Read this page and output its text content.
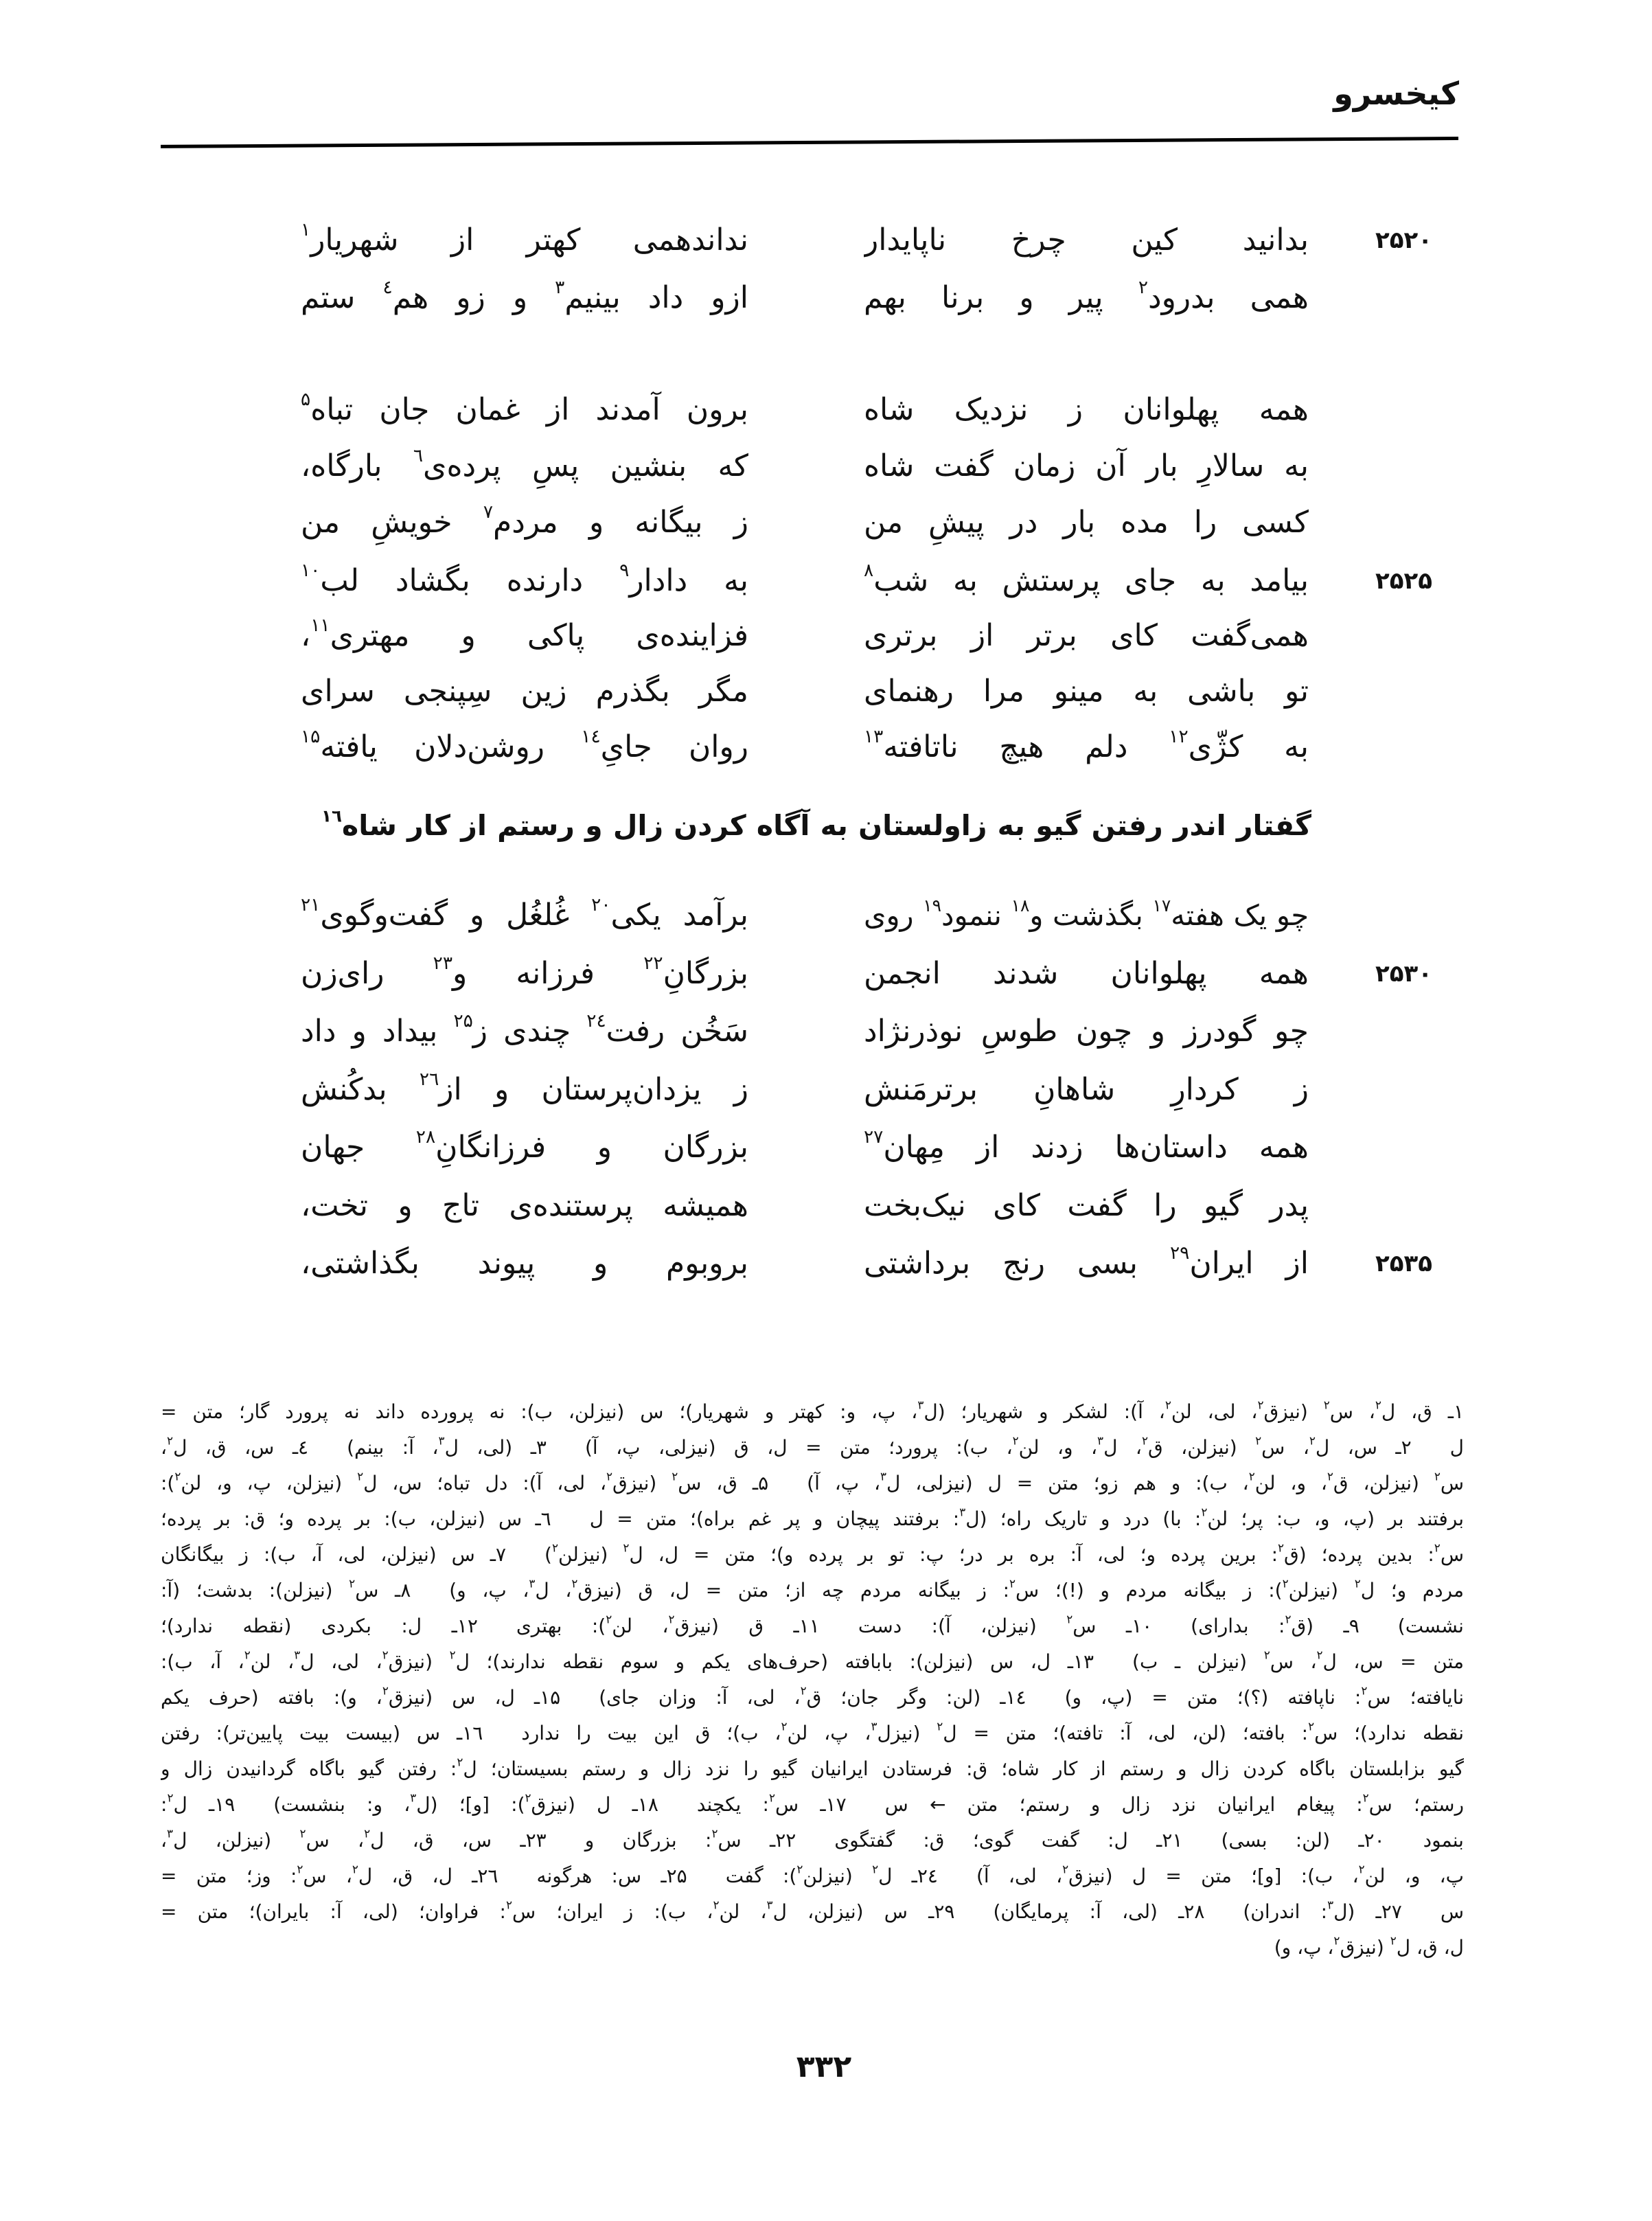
کیخسرو
۲۵۲۰
بدانید کین چرخ ناپایدار
نداندهمی کهتر از شهریار$^۱$
همی بدرود$^۲$ پیر و برنا بهم
ازو داد بینیم$^۳$ و زو هم$^٤$ ستم
همه پهلوانان ز نزدیک شاه
برون آمدند از غمان جان تباه$^۵$
به سالارِ بار آن زمان گفت شاه
که بنشین پسِ پرده‌ی$^٦$ بارگاه،
کسی را مده بار در پیشِ من
ز بیگانه و مردم$^۷$ خویشِ من
۲۵۲۵
بیامد به جای پرستش به شب$^۸$
به دادار$^۹$ دارنده بگشاد لب$^{۱۰}$
همی‌گفت کای برتر از برتری
فزاینده‌ی پاکی و مهتری$^{۱۱}$،
تو باشی به مینو مرا رهنمای
مگر بگذرم زین سِپنجی سرای
به کژّی$^{۱۲}$ دلم هیچ ناتافته$^{۱۳}$
روان جایِ$^{۱٤}$ روشن‌دلان یافته$^{۱۵}$
گفتار اندر رفتن گیو به زاولستان به آگاه کردن زال و رستم از کار شاه$^{۱٦}$
چو یک هفته$^{۱۷}$ بگذشت و$^{۱۸}$ ننمود$^{۱۹}$ روی
برآمد یکی$^{۲۰}$ غُلغُل و گفت‌وگوی$^{۲۱}$
۲۵۳۰
همه پهلوانان شدند انجمن
بزرگانِ$^{۲۲}$ فرزانه و$^{۲۳}$ رای‌زن
چو گودرز و چون طوسِ نوذرنژاد
سَخُن رفت$^{۲٤}$ چندی ز$^{۲۵}$ بیداد و داد
ز کردارِ شاهانِ برترمَنش
ز یزدان‌پرستان و از$^{۲٦}$ بدکُنش
همه داستان‌ها زدند از مِهان$^{۲۷}$
بزرگان و فرزانگانِ$^{۲۸}$ جهان
پدر گیو را گفت کای نیک‌بخت
همیشه پرستنده‌ی تاج و تخت،
۲۵۳۵
از ایران$^{۲۹}$ بسی رنج برداشتی
بروبوم و پیوند بگذاشتی،
۱ـ ق، ل$^۲$، س$^۲$ (نیزق$^۲$، لی، لن$^۲$، آ): لشکر و شهریار؛ (ل$^۳$، پ، و: کهتر و شهریار)؛ س (نیزلن، ب): نه پرورده داند نه پرورد گار؛ متن =
ل  ۲ـ س، ل$^۲$، س$^۲$ (نیزلن، ق$^۲$، ل$^۳$، و، لن$^۲$، ب): پرورد؛ متن = ل، ق (نیزلی، پ، آ)  ۳ـ (لی، ل$^۳$، آ: بینم)  ٤ـ س، ق، ل$^۲$،
س$^۲$ (نیزلن، ق$^۲$، و، لن$^۲$، ب): و هم زو؛ متن = ل (نیزلی، ل$^۳$، پ، آ)  ۵ـ ق، س$^۲$ (نیزق$^۲$، لی، آ): دل تباه؛ س، ل$^۲$ (نیزلن، پ، و، لن$^۲$):
برفتند بر (پ، و، ب: پر؛ لن$^۲$: با) درد و تاریک راه؛ (ل$^۳$: برفتند پیچان و پر غم براه)؛ متن = ل  ٦ـ س (نیزلن، ب): بر پرده و؛ ق: بر پرده؛
س$^۲$: بدین پرده؛ (ق$^۲$: برین پرده و؛ لی، آ: بره بر در؛ پ: تو بر پرده و)؛ متن = ل، ل$^۲$ (نیزلن$^۲$)  ۷ـ س (نیزلن، لی، آ، ب): ز بیگانگان
مردم و؛ ل$^۲$ (نیزلن$^۲$): ز بیگانه مردم و (!)؛ س$^۲$: ز بیگانه مردم چه از؛ متن = ل، ق (نیزق$^۲$، ل$^۳$، پ، و)  ۸ـ س$^۲$ (نیزلن): بدشت؛ (آ:
نشست)  ۹ـ (ق$^۲$: بدارای)  ۱۰ـ س$^۲$ (نیزلن، آ): دست  ۱۱ـ ق (نیزق$^۲$، لن$^۲$): بهتری  ۱۲ـ ل: بکردی (نقطه ندارد)؛
متن = س، ل$^۲$، س$^۲$ (نیزلن ـ ب)  ۱۳ـ ل، س (نیزلن): بابافته (حرف‌های یکم و سوم نقطه ندارند)؛ ل$^۲$ (نیزق$^۲$، لی، ل$^۳$، لن$^۲$، آ، ب):
نایافته؛ س$^۲$: ناپافته (؟)؛ متن = (پ، و)  ۱٤ـ (لن: وگر جان؛ ق$^۲$، لی، آ: وزان جای)  ۱۵ـ ل، س (نیزق$^۲$، و): بافته (حرف یکم
نقطه ندارد)؛ س$^۲$: بافته؛ (لن، لی، آ: تافته)؛ متن = ل$^۲$ (نیزل$^۳$، پ، لن$^۲$، ب)؛ ق این بیت را ندارد  ۱٦ـ س (بیست بیت پایین‌تر): رفتن
گیو بزابلستان باگاه کردن زال و رستم از کار شاه؛ ق: فرستادن ایرانیان گیو را نزد زال و رستم بسیستان؛ ل$^۲$: رفتن گیو باگاه گردانیدن زال و
رستم؛ س$^۲$: پیغام ایرانیان نزد زال و رستم؛ متن ← س  ۱۷ـ س$^۲$: یکچند  ۱۸ـ ل (نیزق$^۲$): [و]؛ (ل$^۳$، و: بنشست)  ۱۹ـ ل$^۲$:
بنمود  ۲۰ـ (لن: بسی)  ۲۱ـ ل: گفت گوی؛ ق: گفتگوی  ۲۲ـ س$^۲$: بزرگان و  ۲۳ـ س، ق، ل$^۲$، س$^۲$ (نیزلن، ل$^۳$،
پ، و، لن$^۲$، ب): [و]؛ متن = ل (نیزق$^۲$، لی، آ)  ۲٤ـ ل$^۲$ (نیزلن$^۲$): گفت  ۲۵ـ س: هرگونه  ۲٦ـ ل، ق، ل$^۲$، س$^۲$: وز؛ متن =
س  ۲۷ـ (ل$^۳$: اندران)  ۲۸ـ (لی، آ: پرمایگان)  ۲۹ـ س (نیزلن، ل$^۳$، لن$^۲$، ب): ز ایران؛ س$^۲$: فراوان؛ (لی، آ: بایران)؛ متن =
ل، ق، ل$^۲$ (نیزق$^۲$، پ، و)
۳۳۲
